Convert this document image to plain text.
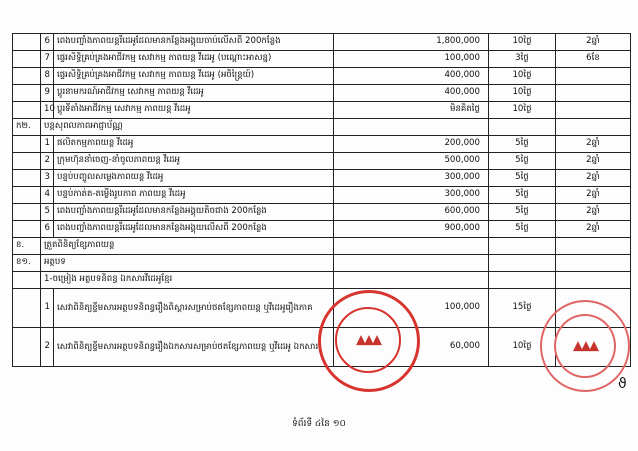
	6	ពេងបញ្ជាំងភាពយន្តរឺដេអូដែលមានកន្លែងអង្គុយចាប់លើសពី 200កន្លែង	1,800,000	10ថ្ងៃ	2ឆ្នាំ
	7	ផ្ទេរសិទ្ធិគ្រប់គ្រងអាជីវកម្ម សេវាកម្ម ភាពយន្ត វីដេអូ (បណ្ដោះអាសន្ន)	100,000	3ថ្ងៃ	6ខែ
	8	ផ្ទេរសិទ្ធិគ្រប់គ្រងអាជីវកម្ម សេវាកម្ម ភាពយន្ត វីដេអូ (អចិន្ត្រៃយ៍)	400,000	10ថ្ងៃ	
	9	ប្ដូរនាមករណ៍អាជីវកម្ម សេវាកម្ម ភាពយន្ត វីដេអូ	400,000	10ថ្ងៃ	
	10	ប្ដូរទីតាំងអាជីវកម្ម សេវាកម្ម ភាពយន្ត វីដេអូ	មិនគិតថ្លៃ	10ថ្ងៃ	
ក២.	បន្តសុពលភាពអាជ្ញាប័ណ្ណ				
	1	ផលិតកម្មភាពយន្ត វីដេអូ	200,000	5ថ្ងៃ	2ឆ្នាំ
	2	ក្រុមហ៊ុននាំចេញ-នាំចូលភាពយន្ត វីដេអូ	500,000	5ថ្ងៃ	2ឆ្នាំ
	3	បន្ទប់បញ្ចូលសម្លេងភាពយន្ត វីដេអូ	300,000	5ថ្ងៃ	2ឆ្នាំ
	4	បន្ទប់កាត់ត-តម្លើងរូបភាព ភាពយន្ត វីដេអូ	300,000	5ថ្ងៃ	2ឆ្នាំ
	5	ពេងបញ្ជាំងភាពយន្តរឺដេអូដែលមានកន្លែងអង្គុយតិចជាង 200កន្លែង	600,000	5ថ្ងៃ	2ឆ្នាំ
	6	ពេងបញ្ជាំងភាពយន្តរឺដេអូដែលមានកន្លែងអង្គុយលើសពី 200កន្លែង	900,000	5ថ្ងៃ	2ឆ្នាំ
ខ.	ត្រួតពិនិត្យខ្សែភាពយន្ត				
ខ១.	អត្ថបទ				
	1-ចម្រៀង អត្ថបទនិពន្ធ ឯកសារវីដេអូខ្មែរ				
	1	សេវាពិនិត្យខ្ចីមសារអត្ថបទនិពន្ធរឿងពិស្ដារសម្រាប់ថតខ្សែភាពយន្ត ឬវីដេអូរឿងភាគ	100,000	15ថ្ងៃ	
	2	សេវាពិនិត្យខ្ចីមសារអត្ថបទនិពន្ធរឿងឯកសារសម្រាប់ថតខ្សែភាពយន្ត ឬវីដេអូ ឯកសារ	60,000	10ថ្ងៃ	
▲▲▲	▲▲▲
ϑ
ទំព័រទី ៤នៃ ១០
